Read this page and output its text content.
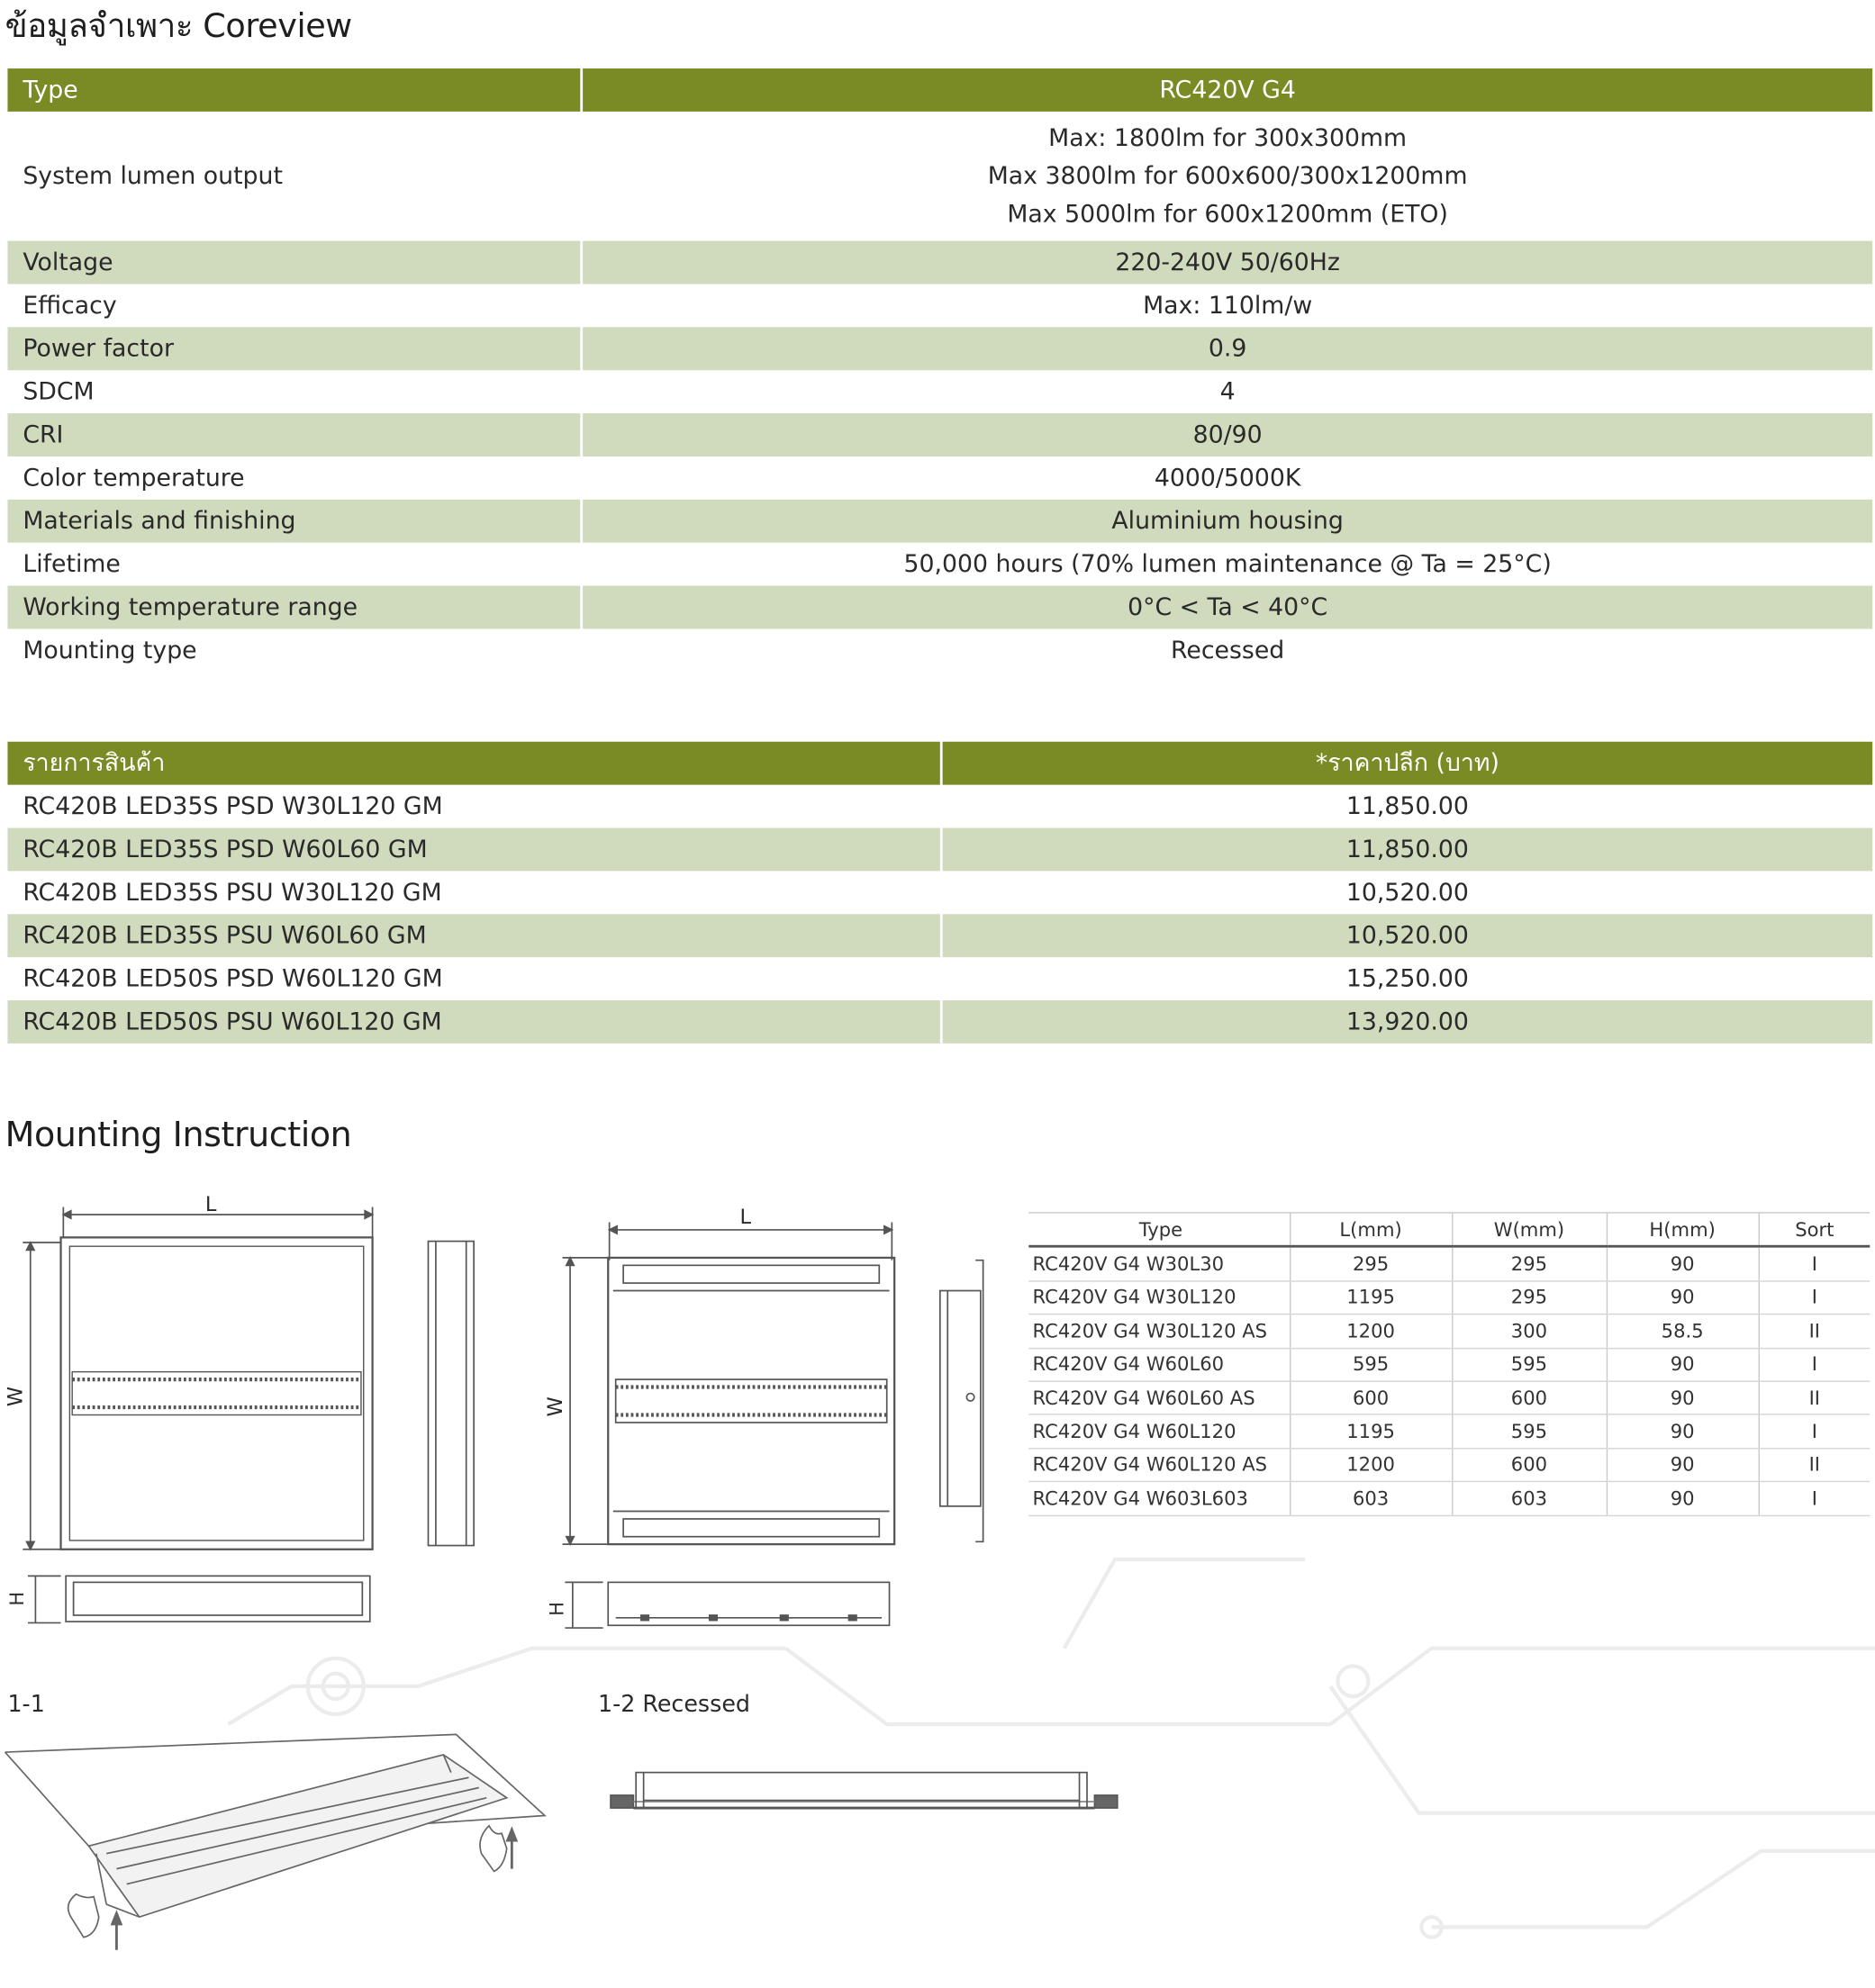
ข้อมูลจำเพาะ Coreview
Type	RC420V G4
System lumen output	Max: 1800lm for 300x300mm
Max 3800lm for 600x600/300x1200mm
Max 5000lm for 600x1200mm (ETO)

Voltage	220-240V 50/60Hz
Efficacy	Max: 110lm/w
Power factor	0.9
SDCM	4
CRI	80/90
Color temperature	4000/5000K
Materials and finishing	Aluminium housing
Lifetime	50,000 hours (70% lumen maintenance @ Ta = 25°C)
Working temperature range	0°C < Ta < 40°C
Mounting type	Recessed
รายการสินค้า	*ราคาปลีก (บาท)
RC420B LED35S PSD W30L120 GM	11,850.00
RC420B LED35S PSD W60L60 GM	11,850.00
RC420B LED35S PSU W30L120 GM	10,520.00
RC420B LED35S PSU W60L60 GM	10,520.00
RC420B LED50S PSD W60L120 GM	15,250.00
RC420B LED50S PSU W60L120 GM	13,920.00
Mounting Instruction
L
W
H
L
W
H
Type	L(mm)	W(mm)	H(mm)	Sort
RC420V G4 W30L30	295	295	90	I
RC420V G4 W30L120	1195	295	90	I
RC420V G4 W30L120 AS	1200	300	58.5	II
RC420V G4 W60L60	595	595	90	I
RC420V G4 W60L60 AS	600	600	90	II
RC420V G4 W60L120	1195	595	90	I
RC420V G4 W60L120 AS	1200	600	90	II
RC420V G4 W603L603	603	603	90	I
1-1	1-2 Recessed
